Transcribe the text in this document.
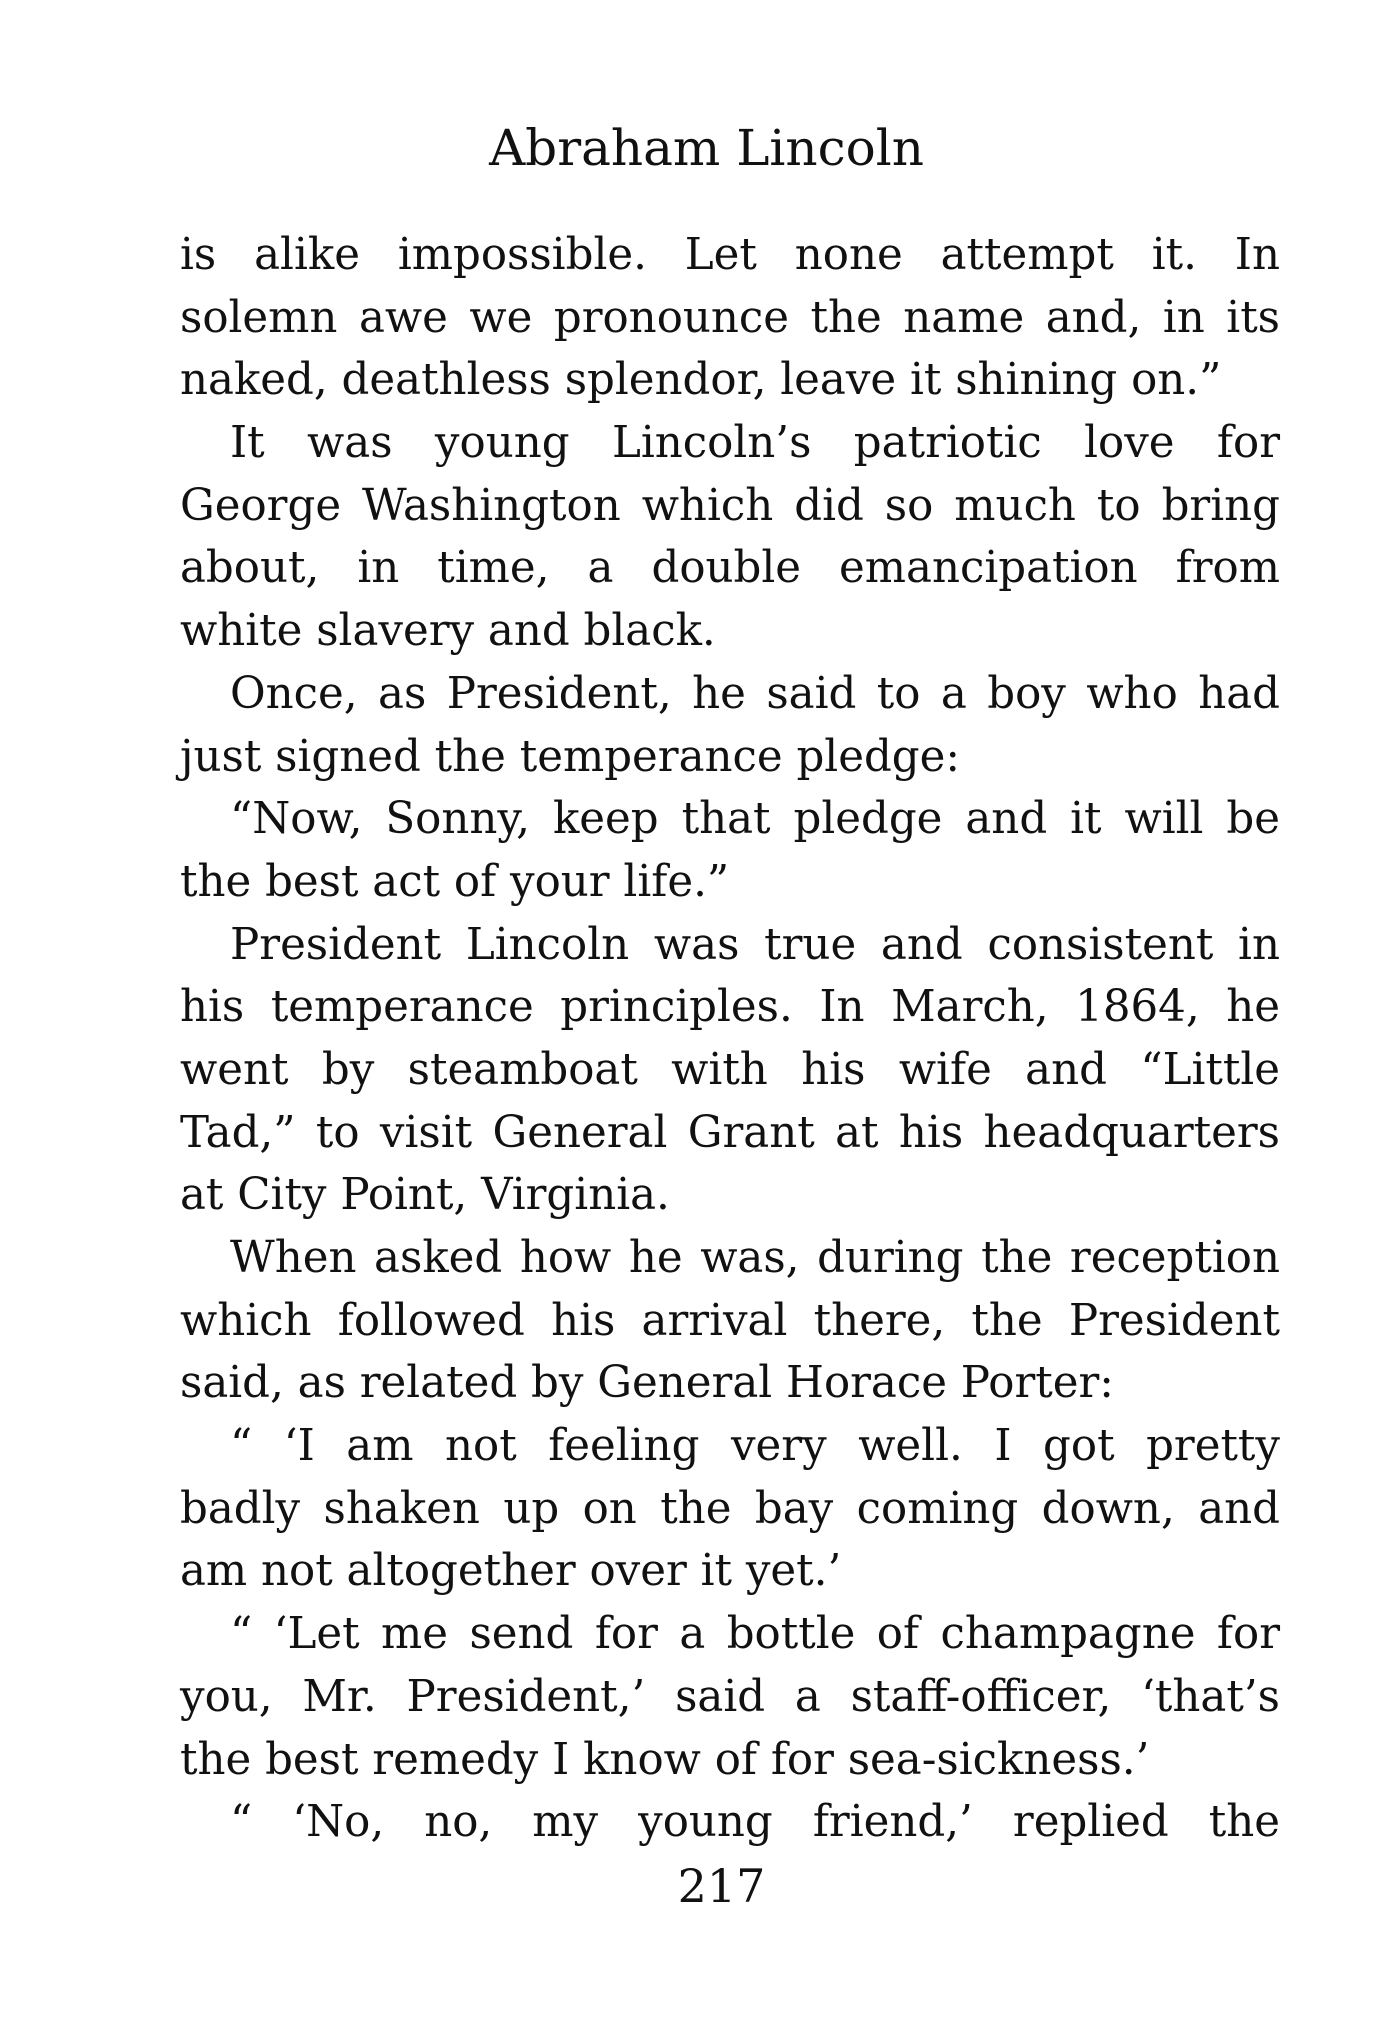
Abraham Lincoln
is alike impossible. Let none attempt it. In
solemn awe we pronounce the name and, in its
naked, deathless splendor, leave it shining on.”
It was young Lincoln’s patriotic love for
George Washington which did so much to bring
about, in time, a double emancipation from
white slavery and black.
Once, as President, he said to a boy who had
just signed the temperance pledge:
“Now, Sonny, keep that pledge and it will be
the best act of your life.”
President Lincoln was true and consistent in
his temperance principles. In March, 1864, he
went by steamboat with his wife and “Little
Tad,” to visit General Grant at his headquarters
at City Point, Virginia.
When asked how he was, during the reception
which followed his arrival there, the President
said, as related by General Horace Porter:
“ ‘I am not feeling very well. I got pretty
badly shaken up on the bay coming down, and
am not altogether over it yet.’
“ ‘Let me send for a bottle of champagne for
you, Mr. President,’ said a staff-officer, ‘that’s
the best remedy I know of for sea-sickness.’
“ ‘No, no, my young friend,’ replied the
217
